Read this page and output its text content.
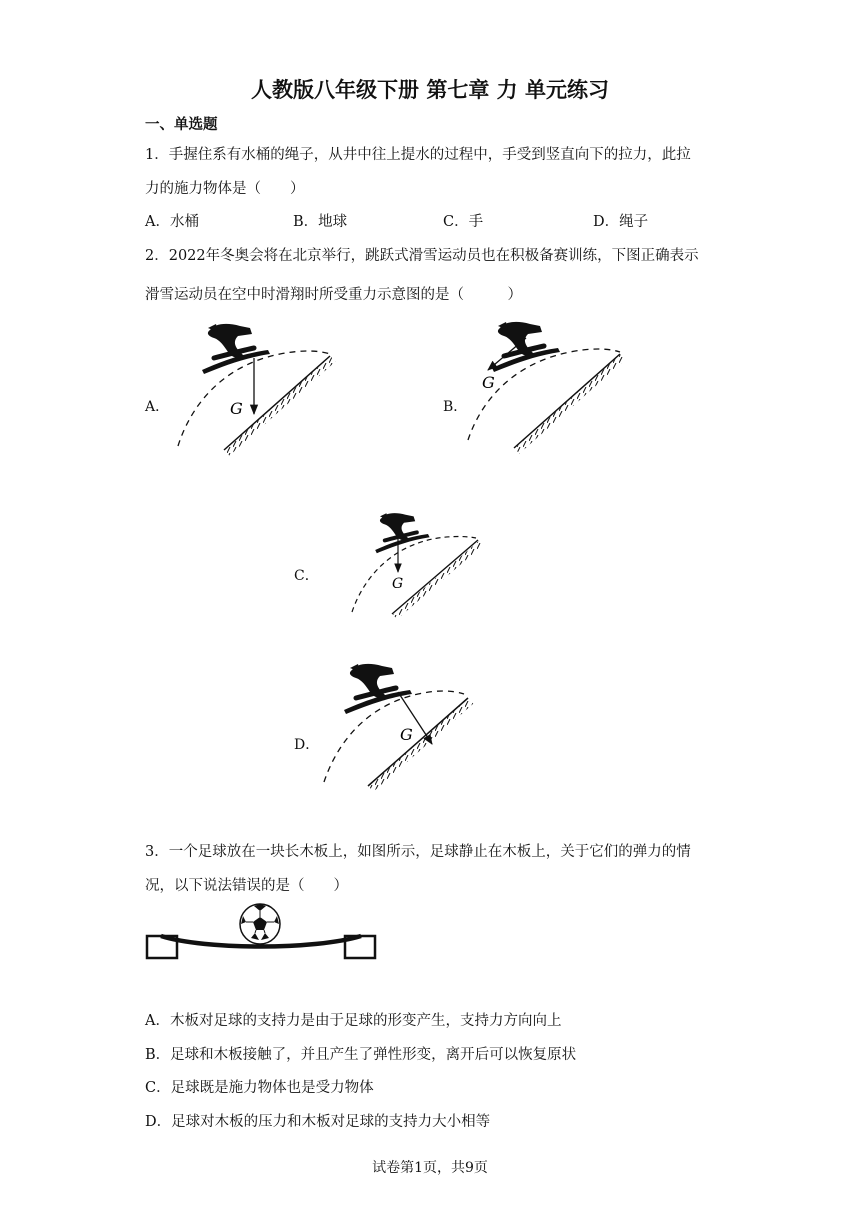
人教版八年级下册 第七章 力 单元练习
一、单选题
1．手握住系有水桶的绳子，从井中往上提水的过程中，手受到竖直向下的拉力，此拉
力的施力物体是（　　）
A．水桶	B．地球	C．手	D．绳子
2．2022年冬奥会将在北京举行，跳跃式滑雪运动员也在积极备赛训练，下图正确表示
滑雪运动员在空中时滑翔时所受重力示意图的是（　　　）
A．	G	B．
G
C．	G
D．
G
3．一个足球放在一块长木板上，如图所示，足球静止在木板上，关于它们的弹力的情
况，以下说法错误的是（　　）
A．木板对足球的支持力是由于足球的形变产生，支持力方向向上
B．足球和木板接触了，并且产生了弹性形变，离开后可以恢复原状
C．足球既是施力物体也是受力物体
D．足球对木板的压力和木板对足球的支持力大小相等
试卷第1页，共9页
